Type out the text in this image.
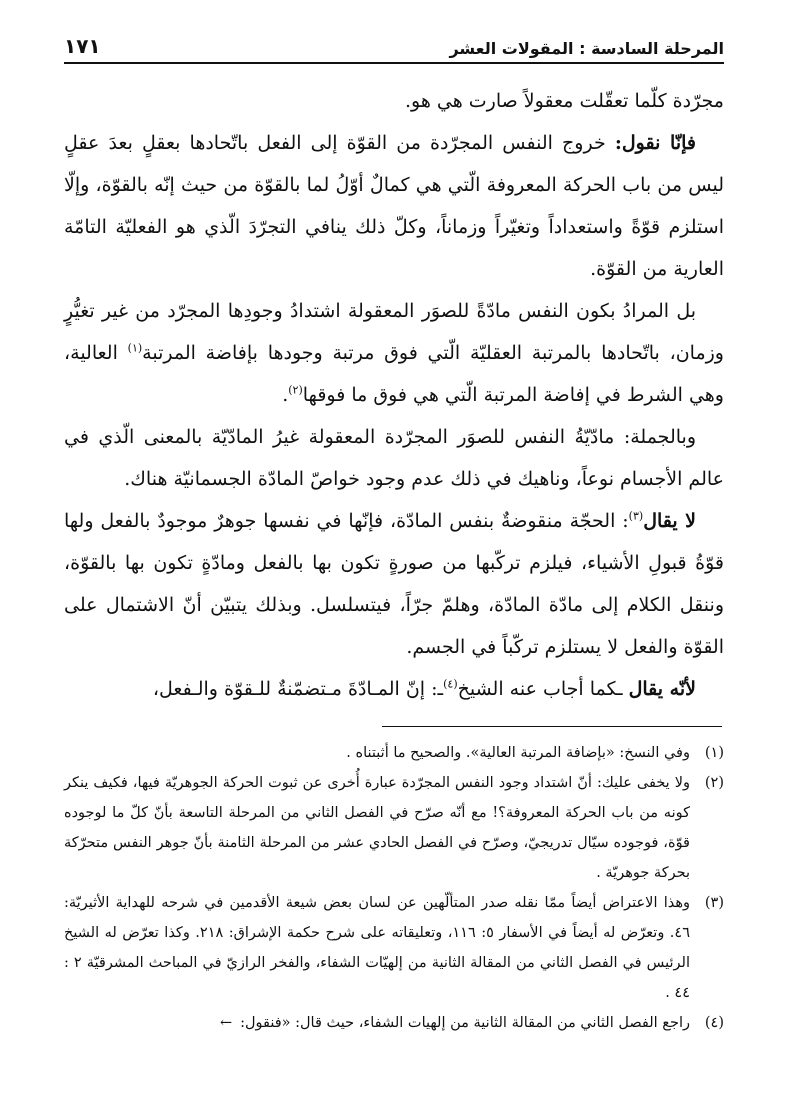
المرحلة السادسة : المقولات العشر
١٧١

مجرّدة كلّما تعقّلت معقولاً صارت هي هو.

فإنّا نقول: خروج النفس المجرّدة من القوّة إلى الفعل باتّحادها بعقلٍ بعدَ عقلٍ ليس من باب الحركة المعروفة الّتي هي كمالٌ أوّلُ لما بالقوّة من حيث إنّه بالقوّة، وإلّا استلزم قوّةً واستعداداً وتغيّراً وزماناً، وكلّ ذلك ينافي التجرّدَ الّذي هو الفعليّة التامّة العارية من القوّة.

بل المرادُ بكون النفس مادّةً للصوَر المعقولة اشتدادُ وجودِها المجرّد من غير تغيُّرٍ وزمان، باتّحادها بالمرتبة العقليّة الّتي فوق مرتبة وجودها بإفاضة المرتبة$^{(١)}$ العالية، وهي الشرط في إفاضة المرتبة الّتي هي فوق ما فوقها$^{(٢)}$.

وبالجملة: مادّيّةُ النفس للصوَر المجرّدة المعقولة غيرُ المادّيّة بالمعنى الّذي في عالم الأجسام نوعاً، وناهيك في ذلك عدم وجود خواصّ المادّة الجسمانيّة هناك.

لا يقال$^{(٣)}$: الحجّة منقوضةٌ بنفس المادّة، فإنّها في نفسها جوهرٌ موجودٌ بالفعل ولها قوّةُ قبولِ الأشياء، فيلزم تركّبها من صورةٍ تكون بها بالفعل ومادّةٍ تكون بها بالقوّة، وننقل الكلام إلى مادّة المادّة، وهلمّ جرّاً، فيتسلسل. وبذلك يتبيّن أنّ الاشتمال على القوّة والفعل لا يستلزم تركّباً في الجسم.

لأنّه يقال ـكما أجاب عنه الشيخ$^{(٤)}$ـ: إنّ المـادّةَ مـتضمّنةٌ للـقوّة والـفعل،

(١)
وفي النسخ: «بإضافة المرتبة العالية». والصحيح ما أثبتناه .
(٢)
ولا يخفى عليك: أنّ اشتداد وجود النفس المجرّدة عبارة أُخرى عن ثبوت الحركة الجوهريّة فيها، فكيف ينكر كونه من باب الحركة المعروفة؟! مع أنّه صرّح في الفصل الثاني من المرحلة التاسعة بأنّ كلّ ما لوجوده قوّة، فوجوده سيّال تدريجيّ، وصرّح في الفصل الحادي عشر من المرحلة الثامنة بأنّ جوهر النفس متحرّكة بحركة جوهريّة .
(٣)
وهذا الاعتراض أيضاً ممّا نقله صدر المتألّهين عن لسان بعض شيعة الأقدمين في شرحه للهداية الأثيريّة: ٤٦. وتعرّض له أيضاً في الأسفار ٥: ١١٦، وتعليقاته على شرح حكمة الإشراق: ٢١٨. وكذا تعرّض له الشيخ الرئيس في الفصل الثاني من المقالة الثانية من إلهيّات الشفاء، والفخر الرازيّ في المباحث المشرقيّة ٢ : ٤٤ .
(٤)
راجع الفصل الثاني من المقالة الثانية من إلهيات الشفاء، حيث قال: «فنقول:←
